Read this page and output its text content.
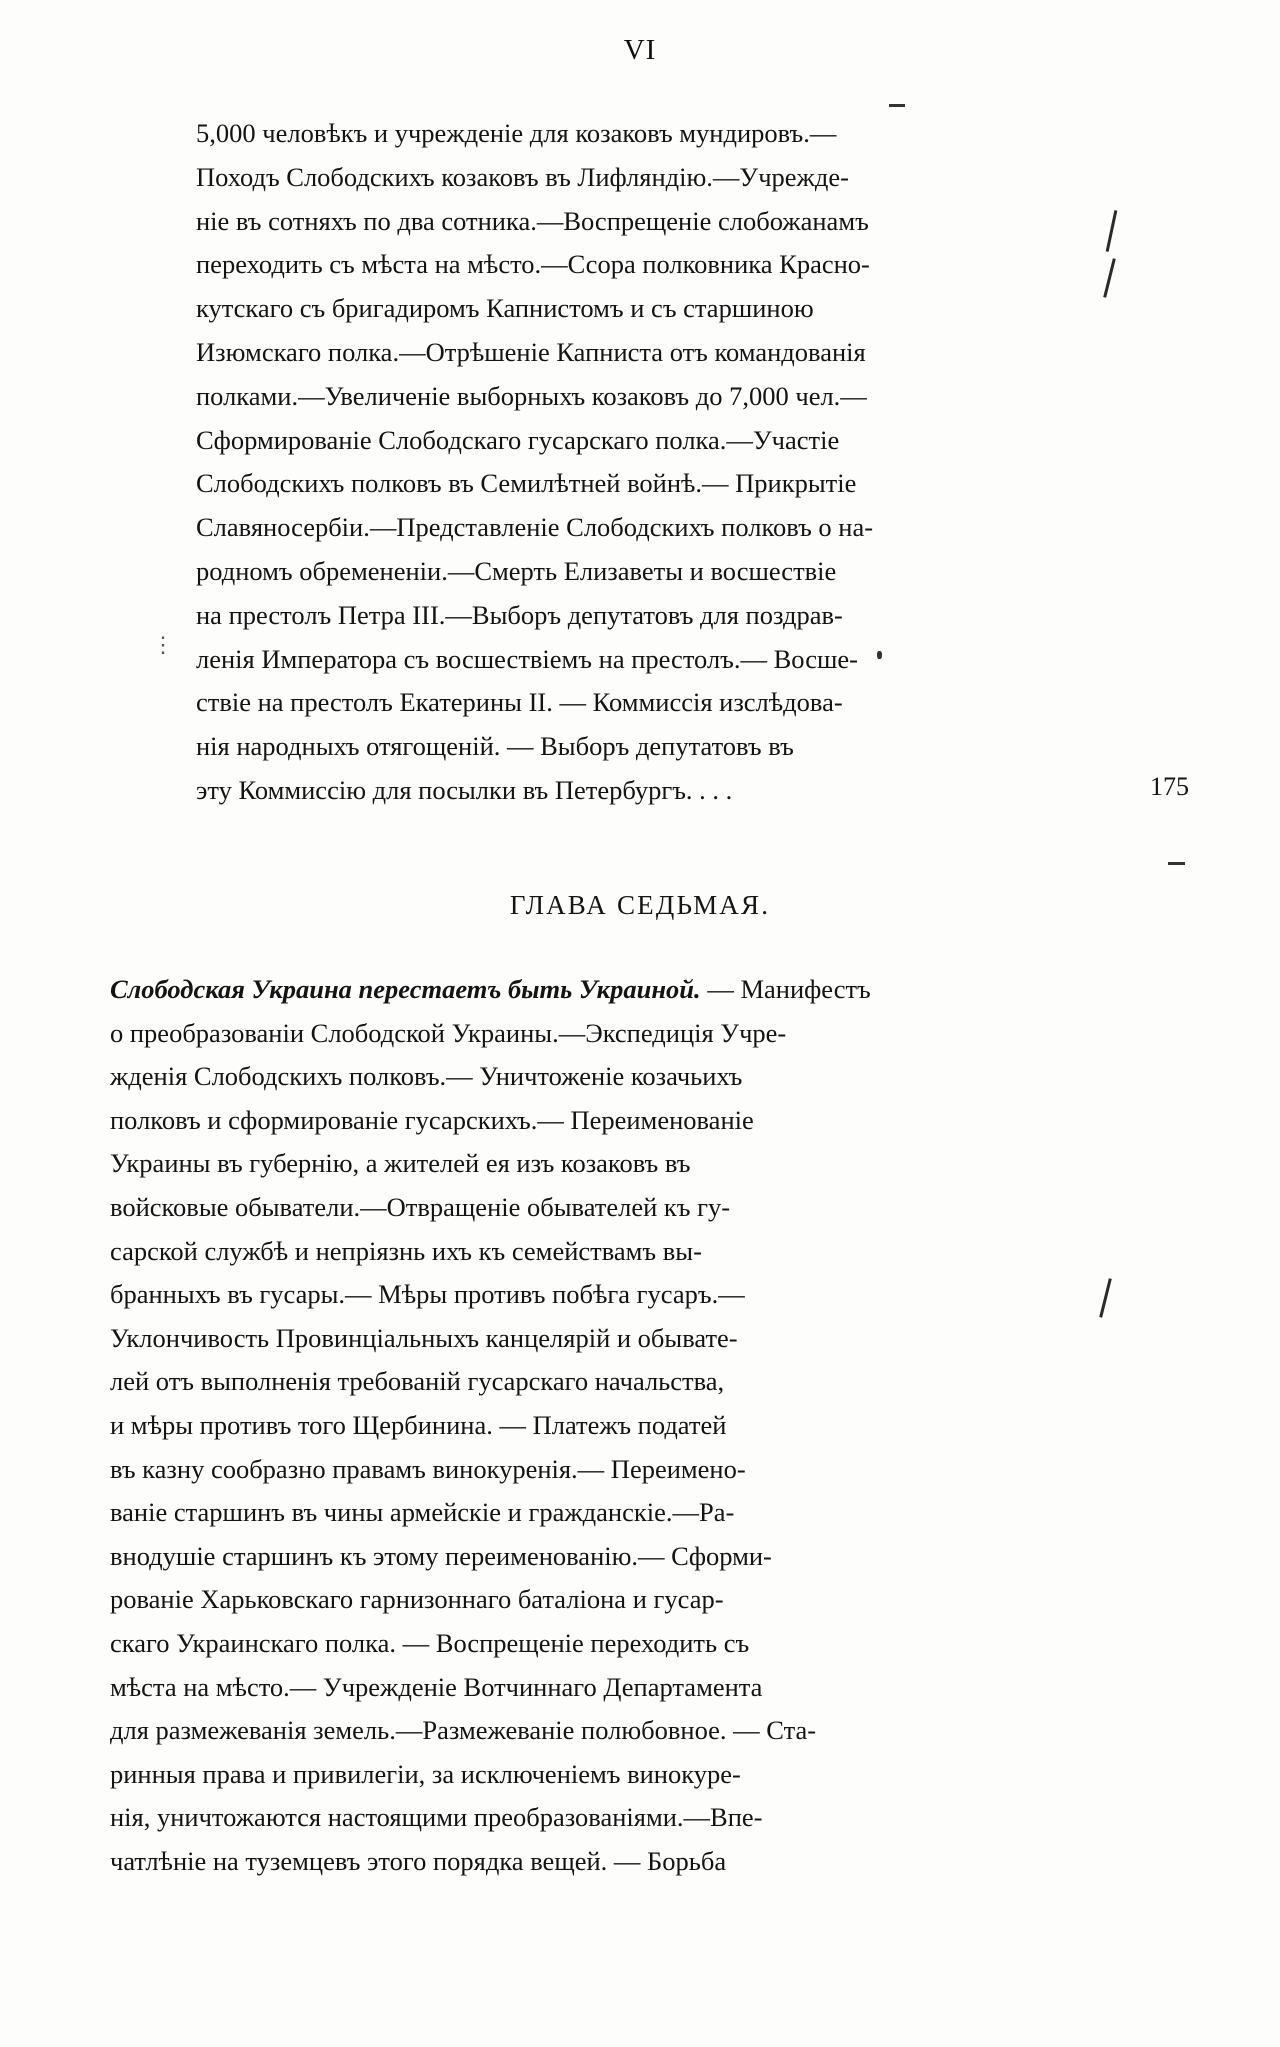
VI
⋮
5,000 человѣкъ и учрежденіе для козаковъ мундировъ.—
Походъ Слободскихъ козаковъ въ Лифляндію.—Учрежде-
ніе въ сотняхъ по два сотника.—Воспрещеніе слобожанамъ
переходить съ мѣста на мѣсто.—Ссора полковника Красно-
кутскаго съ бригадиромъ Капнистомъ и съ старшиною
Изюмскаго полка.—Отрѣшеніе Капниста отъ командованія
полками.—Увеличеніе выборныхъ козаковъ до 7,000 чел.—
Сформированіе Слободскаго гусарскаго полка.—Участіе
Слободскихъ полковъ въ Семилѣтней войнѣ.— Прикрытіе
Славяносербіи.—Представленіе Слободскихъ полковъ о на-
родномъ обремененіи.—Смерть Елизаветы и восшествіе
на престолъ Петра III.—Выборъ депутатовъ для поздрав-
ленія Императора съ восшествіемъ на престолъ.— Восше-
ствіе на престолъ Екатерины II. — Коммиссія изслѣдова-
нія народныхъ отягощеній. — Выборъ депутатовъ въ
эту Коммиссію для посылки въ Петербургъ. . . .	175
ГЛАВА СЕДЬМАЯ.
Слободская Украина перестаетъ быть Украиной. — Манифестъ
о преобразованіи Слободской Украины.—Экспедиція Учре-
жденія Слободскихъ полковъ.— Уничтоженіе козачьихъ
полковъ и сформированіе гусарскихъ.— Переименованіе
Украины въ губернію, а жителей ея изъ козаковъ въ
войсковые обыватели.—Отвращеніе обывателей къ гу-
сарской службѣ и непріязнь ихъ къ семействамъ вы-
бранныхъ въ гусары.— Мѣры противъ побѣга гусаръ.—
Уклончивость Провинціальныхъ канцелярій и обывате-
лей отъ выполненія требованій гусарскаго начальства,
и мѣры противъ того Щербинина. — Платежъ податей
въ казну сообразно правамъ винокуренія.— Переимено-
ваніе старшинъ въ чины армейскіе и гражданскіе.—Ра-
внодушіе старшинъ къ этому переименованію.— Сформи-
рованіе Харьковскаго гарнизоннаго баталіона и гусар-
скаго Украинскаго полка. — Воспрещеніе переходить съ
мѣста на мѣсто.— Учрежденіе Вотчиннаго Департамента
для размежеванія земель.—Размежеваніе полюбовное. — Ста-
ринныя права и привилегіи, за исключеніемъ винокуре-
нія, уничтожаются настоящими преобразованіями.—Впе-
чатлѣніе на туземцевъ этого порядка вещей. — Борьба
